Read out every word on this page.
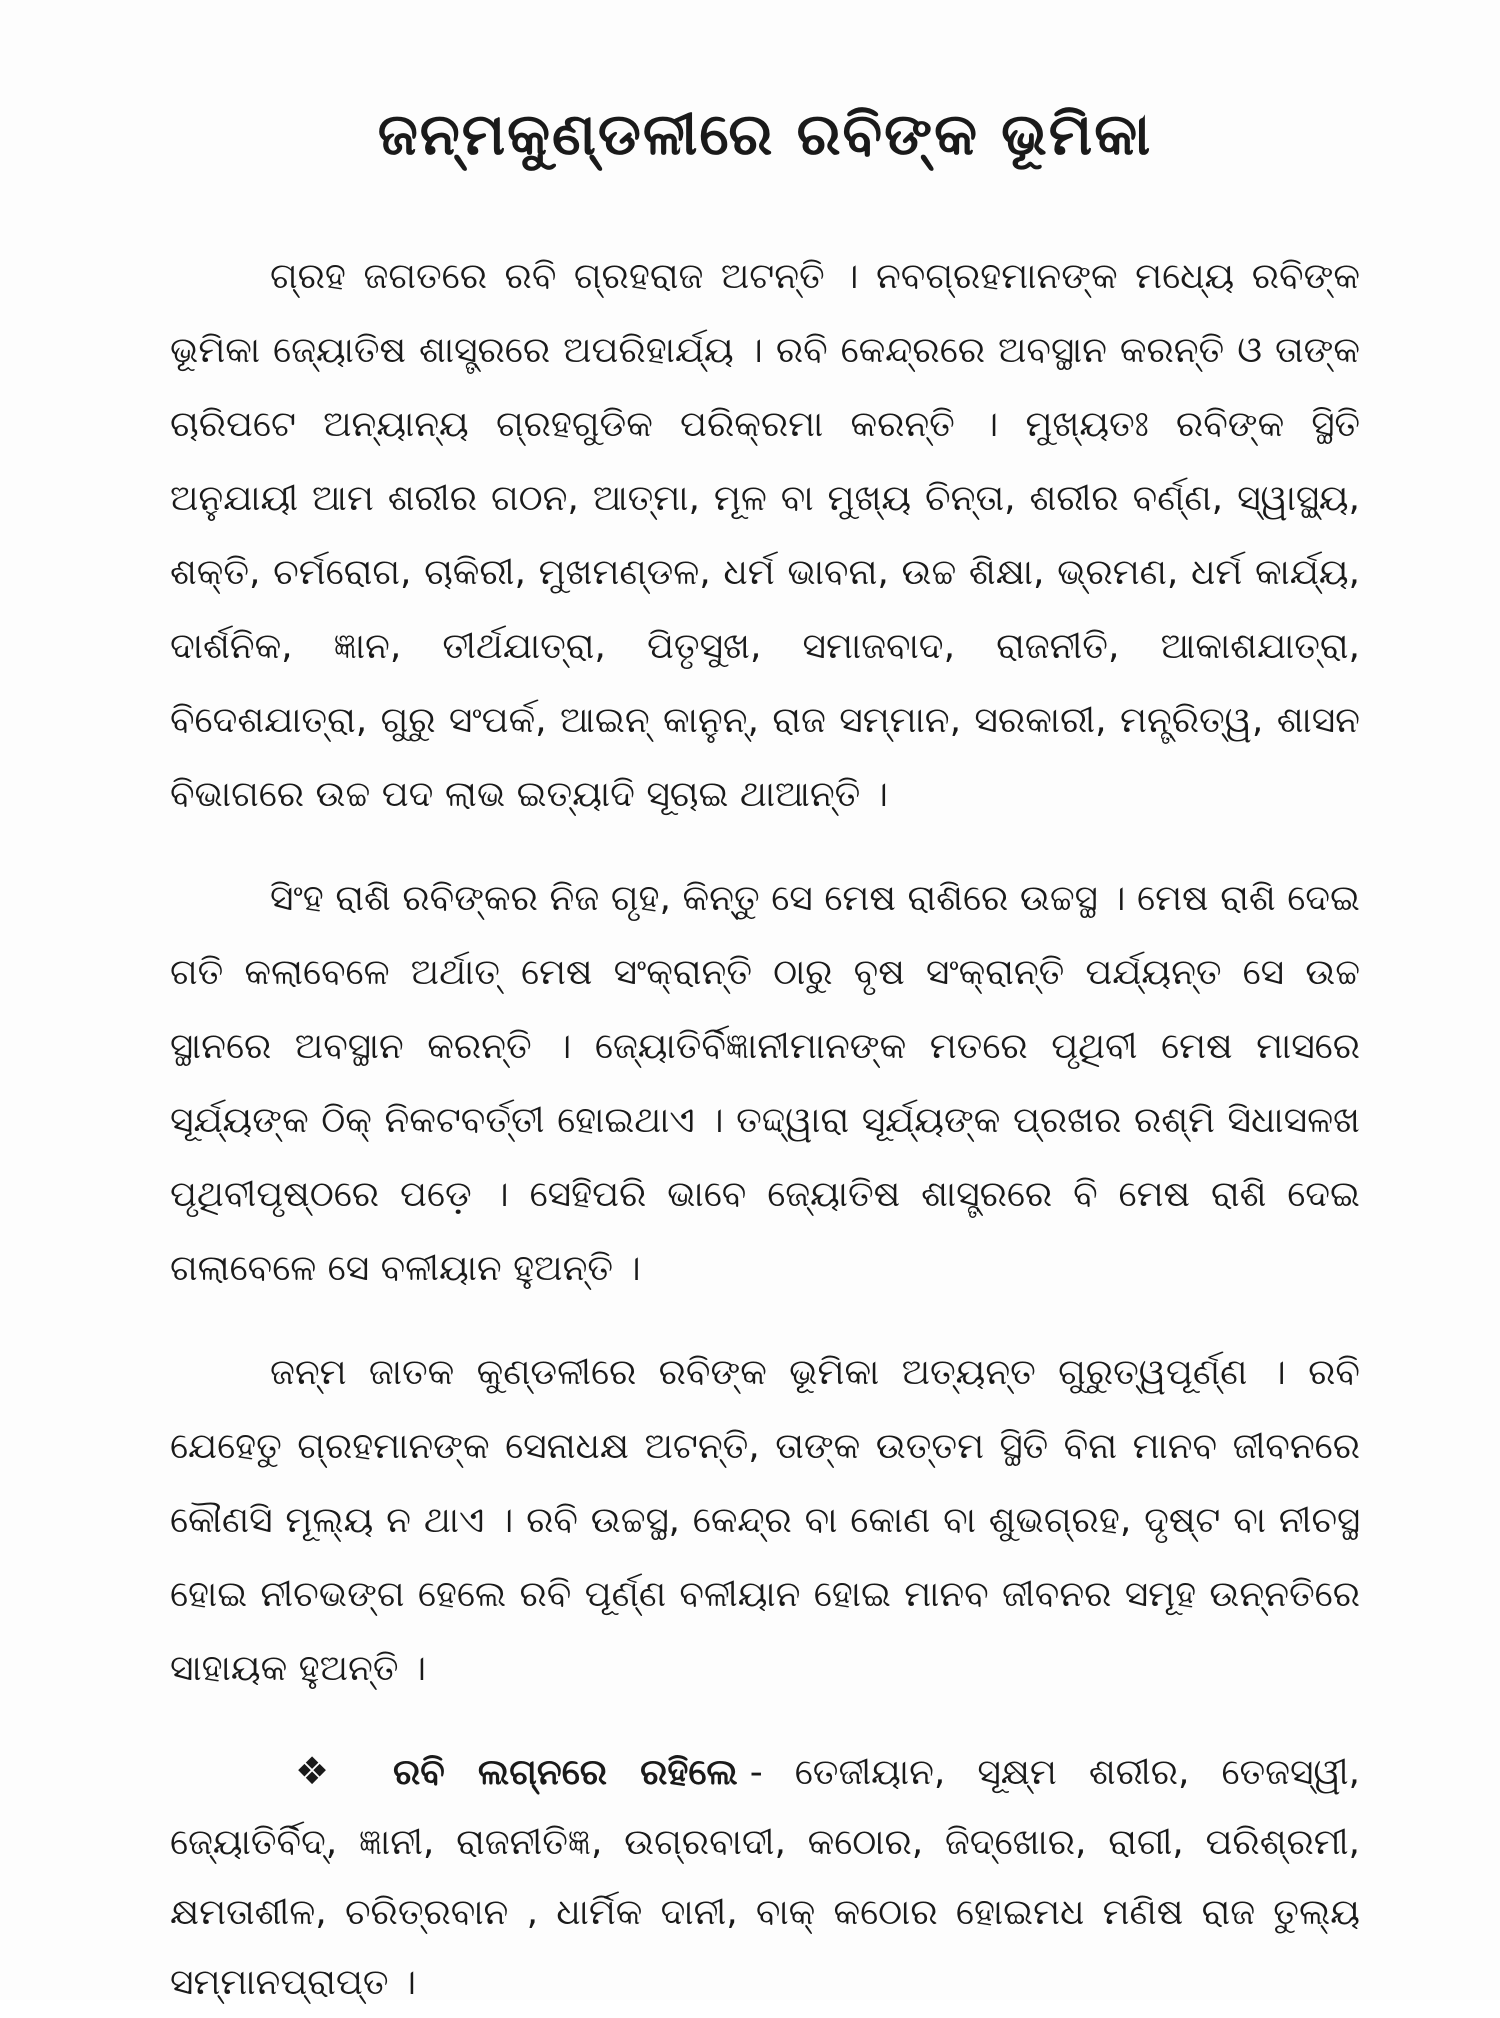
ଜନ୍ମକୁଣ୍ଡଳୀରେ ରବିଙ୍କ ଭୂମିକା

ଗ୍ରହ ଜଗତରେ ରବି ଗ୍ରହରାଜ ଅଟନ୍ତି । ନବଗ୍ରହମାନଙ୍କ ମଧ୍ୟେ ରବିଙ୍କ ଭୂମିକା ଜ୍ୟୋତିଷ ଶାସ୍ତ୍ରରେ ଅପରିହାର୍ଯ୍ୟ । ରବି କେନ୍ଦ୍ରରେ ଅବସ୍ଥାନ କରନ୍ତି ଓ ତାଙ୍କ ଚାରିପଟେ ଅନ୍ୟାନ୍ୟ ଗ୍ରହଗୁଡିକ ପରିକ୍ରମା କରନ୍ତି । ମୁଖ୍ୟତଃ ରବିଙ୍କ ସ୍ଥିତି ଅନୁଯାୟୀ ଆମ ଶରୀର ଗଠନ, ଆତ୍ମା, ମୂଳ ବା ମୁଖ୍ୟ ଚିନ୍ତା, ଶରୀର ବର୍ଣ୍ଣ, ସ୍ୱାସ୍ଥ୍ୟ, ଶକ୍ତି, ଚର୍ମରୋଗ, ଚାକିରୀ, ମୁଖମଣ୍ଡଳ, ଧର୍ମ ଭାବନା, ଉଚ୍ଚ ଶିକ୍ଷା, ଭ୍ରମଣ, ଧର୍ମ କାର୍ଯ୍ୟ, ଦାର୍ଶନିକ, ଜ୍ଞାନ, ତୀର୍ଥଯାତ୍ରା, ପିତୃସୁଖ, ସମାଜବାଦ, ରାଜନୀତି, ଆକାଶଯାତ୍ରା, ବିଦେଶଯାତ୍ରା, ଗୁରୁ ସଂପର୍କ, ଆଇନ୍ କାନୁନ୍, ରାଜ ସମ୍ମାନ, ସରକାରୀ, ମନ୍ତ୍ରିତ୍ୱ, ଶାସନ ବିଭାଗରେ ଉଚ୍ଚ ପଦ ଲାଭ ଇତ୍ୟାଦି ସୂଚାଇ ଥାଆନ୍ତି ।

ସିଂହ ରାଶି ରବିଙ୍କର ନିଜ ଗୃହ, କିନ୍ତୁ ସେ ମେଷ ରାଶିରେ ଉଚ୍ଚସ୍ଥ । ମେଷ ରାଶି ଦେଇ ଗତି କଲାବେଳେ ଅର୍ଥାତ୍ ମେଷ ସଂକ୍ରାନ୍ତି ଠାରୁ ବୃଷ ସଂକ୍ରାନ୍ତି ପର୍ଯ୍ୟନ୍ତ ସେ ଉଚ୍ଚ ସ୍ଥାନରେ ଅବସ୍ଥାନ କରନ୍ତି । ଜ୍ୟୋତିର୍ବିଜ୍ଞାନୀମାନଙ୍କ ମତରେ ପୃଥିବୀ ମେଷ ମାସରେ ସୂର୍ଯ୍ୟଙ୍କ ଠିକ୍ ନିକଟବର୍ତ୍ତୀ ହୋଇଥାଏ । ତଦ୍ଦ୍ୱାରା ସୂର୍ଯ୍ୟଙ୍କ ପ୍ରଖର ରଶ୍ମି ସିଧାସଳଖ ପୃଥିବୀପୃଷ୍ଠରେ ପଡ଼େ । ସେହିପରି ଭାବେ ଜ୍ୟୋତିଷ ଶାସ୍ତ୍ରରେ ବି ମେଷ ରାଶି ଦେଇ ଗଲାବେଳେ ସେ ବଳୀୟାନ ହୁଅନ୍ତି ।

ଜନ୍ମ ଜାତକ କୁଣ୍ଡଳୀରେ ରବିଙ୍କ ଭୂମିକା ଅତ୍ୟନ୍ତ ଗୁରୁତ୍ୱପୂର୍ଣ୍ଣ । ରବି ଯେହେତୁ ଗ୍ରହମାନଙ୍କ ସେନାଧକ୍ଷ ଅଟନ୍ତି, ତାଙ୍କ ଉତ୍ତମ ସ୍ଥିତି ବିନା ମାନବ ଜୀବନରେ କୌଣସି ମୂଲ୍ୟ ନ ଥାଏ । ରବି ଉଚ୍ଚସ୍ଥ, କେନ୍ଦ୍ର ବା କୋଣ ବା ଶୁଭଗ୍ରହ, ଦୃଷ୍ଟ ବା ନୀଚସ୍ଥ ହୋଇ ନୀଚଭଙ୍ଗ ହେଲେ ରବି ପୂର୍ଣ୍ଣ ବଳୀୟାନ ହୋଇ ମାନବ ଜୀବନର ସମୂହ ଉନ୍ନତିରେ ସାହାୟକ ହୁଅନ୍ତି ।

❖ ରବି ଲଗ୍ନରେ ରହିଲେ - ତେଜୀୟାନ, ସୂକ୍ଷ୍ମ ଶରୀର, ତେଜସ୍ୱୀ, ଜ୍ୟୋତିର୍ବିଦ୍, ଜ୍ଞାନୀ, ରାଜନୀତିଜ୍ଞ, ଉଗ୍ରବାଦୀ, କଠୋର, ଜିଦ୍‌ଖୋର, ରାଗୀ, ପରିଶ୍ରମୀ, କ୍ଷମତାଶୀଳ, ଚରିତ୍ରବାନ , ଧାର୍ମିକ ଦାନୀ, ବାକ୍ କଠୋର ହୋଇମଧ ମଣିଷ ରାଜ ତୁଲ୍ୟ ସମ୍ମାନପ୍ରାପ୍ତ ।
